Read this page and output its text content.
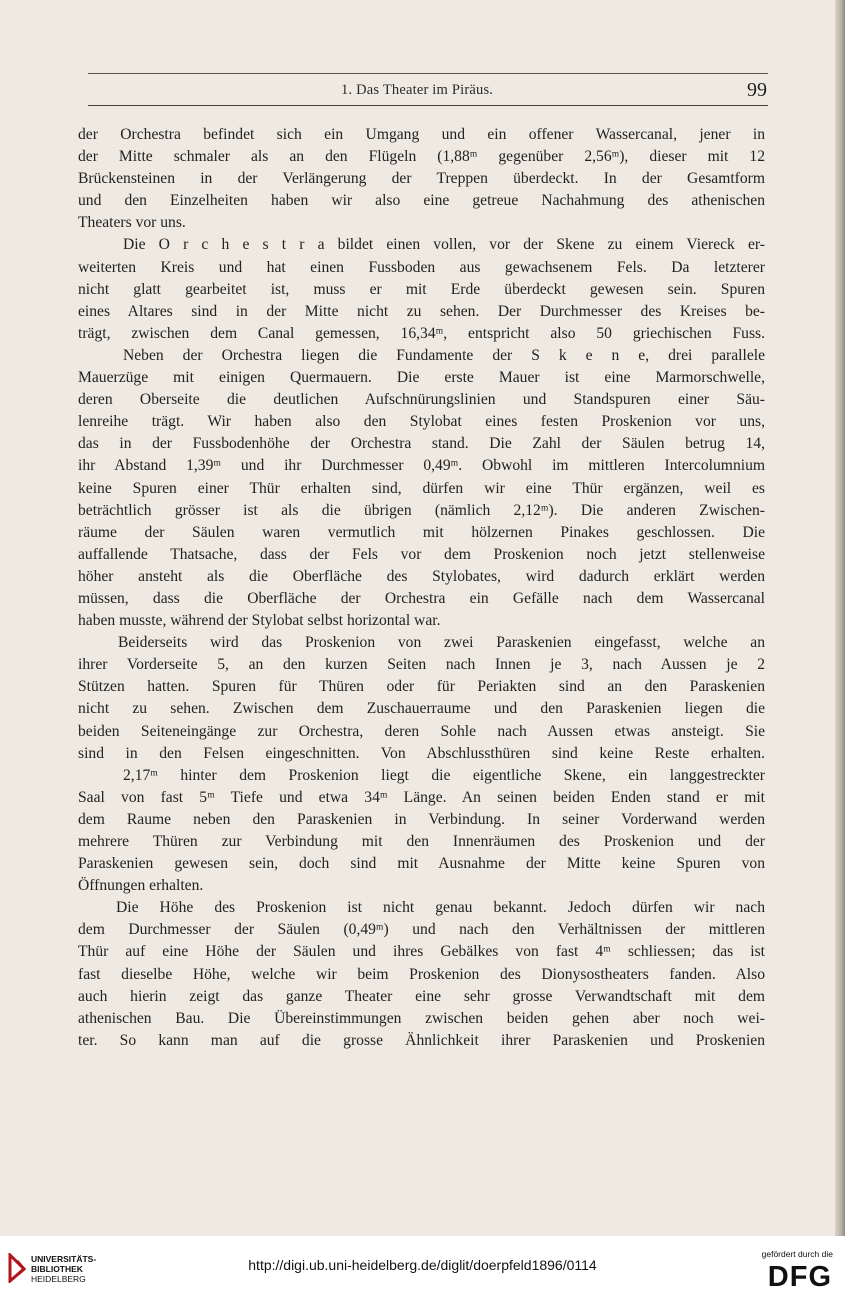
1. Das Theater im Piräus.	99
der Orchestra befindet sich ein Umgang und ein offener Wassercanal, jener in
der Mitte schmaler als an den Flügeln (1,88ᵐ gegenüber 2,56ᵐ), dieser mit 12
Brückensteinen in der Verlängerung der Treppen überdeckt. In der Gesamtform
und den Einzelheiten haben wir also eine getreue Nachahmung des athenischen
Theaters vor uns.
Die O r c h e s t r a bildet einen vollen, vor der Skene zu einem Viereck er-
weiterten Kreis und hat einen Fussboden aus gewachsenem Fels. Da letzterer
nicht glatt gearbeitet ist, muss er mit Erde überdeckt gewesen sein. Spuren
eines Altares sind in der Mitte nicht zu sehen. Der Durchmesser des Kreises be-
trägt, zwischen dem Canal gemessen, 16,34ᵐ, entspricht also 50 griechischen Fuss.
Neben der Orchestra liegen die Fundamente der S k e n e, drei parallele
Mauerzüge mit einigen Quermauern. Die erste Mauer ist eine Marmorschwelle,
deren Oberseite die deutlichen Aufschnürungslinien und Standspuren einer Säu-
lenreihe trägt. Wir haben also den Stylobat eines festen Proskenion vor uns,
das in der Fussbodenhöhe der Orchestra stand. Die Zahl der Säulen betrug 14,
ihr Abstand 1,39ᵐ und ihr Durchmesser 0,49ᵐ. Obwohl im mittleren Intercolumnium
keine Spuren einer Thür erhalten sind, dürfen wir eine Thür ergänzen, weil es
beträchtlich grösser ist als die übrigen (nämlich 2,12ᵐ). Die anderen Zwischen-
räume der Säulen waren vermutlich mit hölzernen Pinakes geschlossen. Die
auffallende Thatsache, dass der Fels vor dem Proskenion noch jetzt stellenweise
höher ansteht als die Oberfläche des Stylobates, wird dadurch erklärt werden
müssen, dass die Oberfläche der Orchestra ein Gefälle nach dem Wassercanal
haben musste, während der Stylobat selbst horizontal war.
Beiderseits wird das Proskenion von zwei Paraskenien eingefasst, welche an
ihrer Vorderseite 5, an den kurzen Seiten nach Innen je 3, nach Aussen je 2
Stützen hatten. Spuren für Thüren oder für Periakten sind an den Paraskenien
nicht zu sehen. Zwischen dem Zuschauerraume und den Paraskenien liegen die
beiden Seiteneingänge zur Orchestra, deren Sohle nach Aussen etwas ansteigt. Sie
sind in den Felsen eingeschnitten. Von Abschlussthüren sind keine Reste erhalten.
2,17ᵐ hinter dem Proskenion liegt die eigentliche Skene, ein langgestreckter
Saal von fast 5ᵐ Tiefe und etwa 34ᵐ Länge. An seinen beiden Enden stand er mit
dem Raume neben den Paraskenien in Verbindung. In seiner Vorderwand werden
mehrere Thüren zur Verbindung mit den Innenräumen des Proskenion und der
Paraskenien gewesen sein, doch sind mit Ausnahme der Mitte keine Spuren von
Öffnungen erhalten.
Die Höhe des Proskenion ist nicht genau bekannt. Jedoch dürfen wir nach
dem Durchmesser der Säulen (0,49ᵐ) und nach den Verhältnissen der mittleren
Thür auf eine Höhe der Säulen und ihres Gebälkes von fast 4ᵐ schliessen; das ist
fast dieselbe Höhe, welche wir beim Proskenion des Dionysostheaters fanden. Also
auch hierin zeigt das ganze Theater eine sehr grosse Verwandtschaft mit dem
athenischen Bau. Die Übereinstimmungen zwischen beiden gehen aber noch wei-
ter. So kann man auf die grosse Ähnlichkeit ihrer Paraskenien und Proskenien
UNIVERSITÄTS-
BIBLIOTHEK
HEIDELBERG
http://digi.ub.uni-heidelberg.de/diglit/doerpfeld1896/0114
gefördert durch die
DFG
